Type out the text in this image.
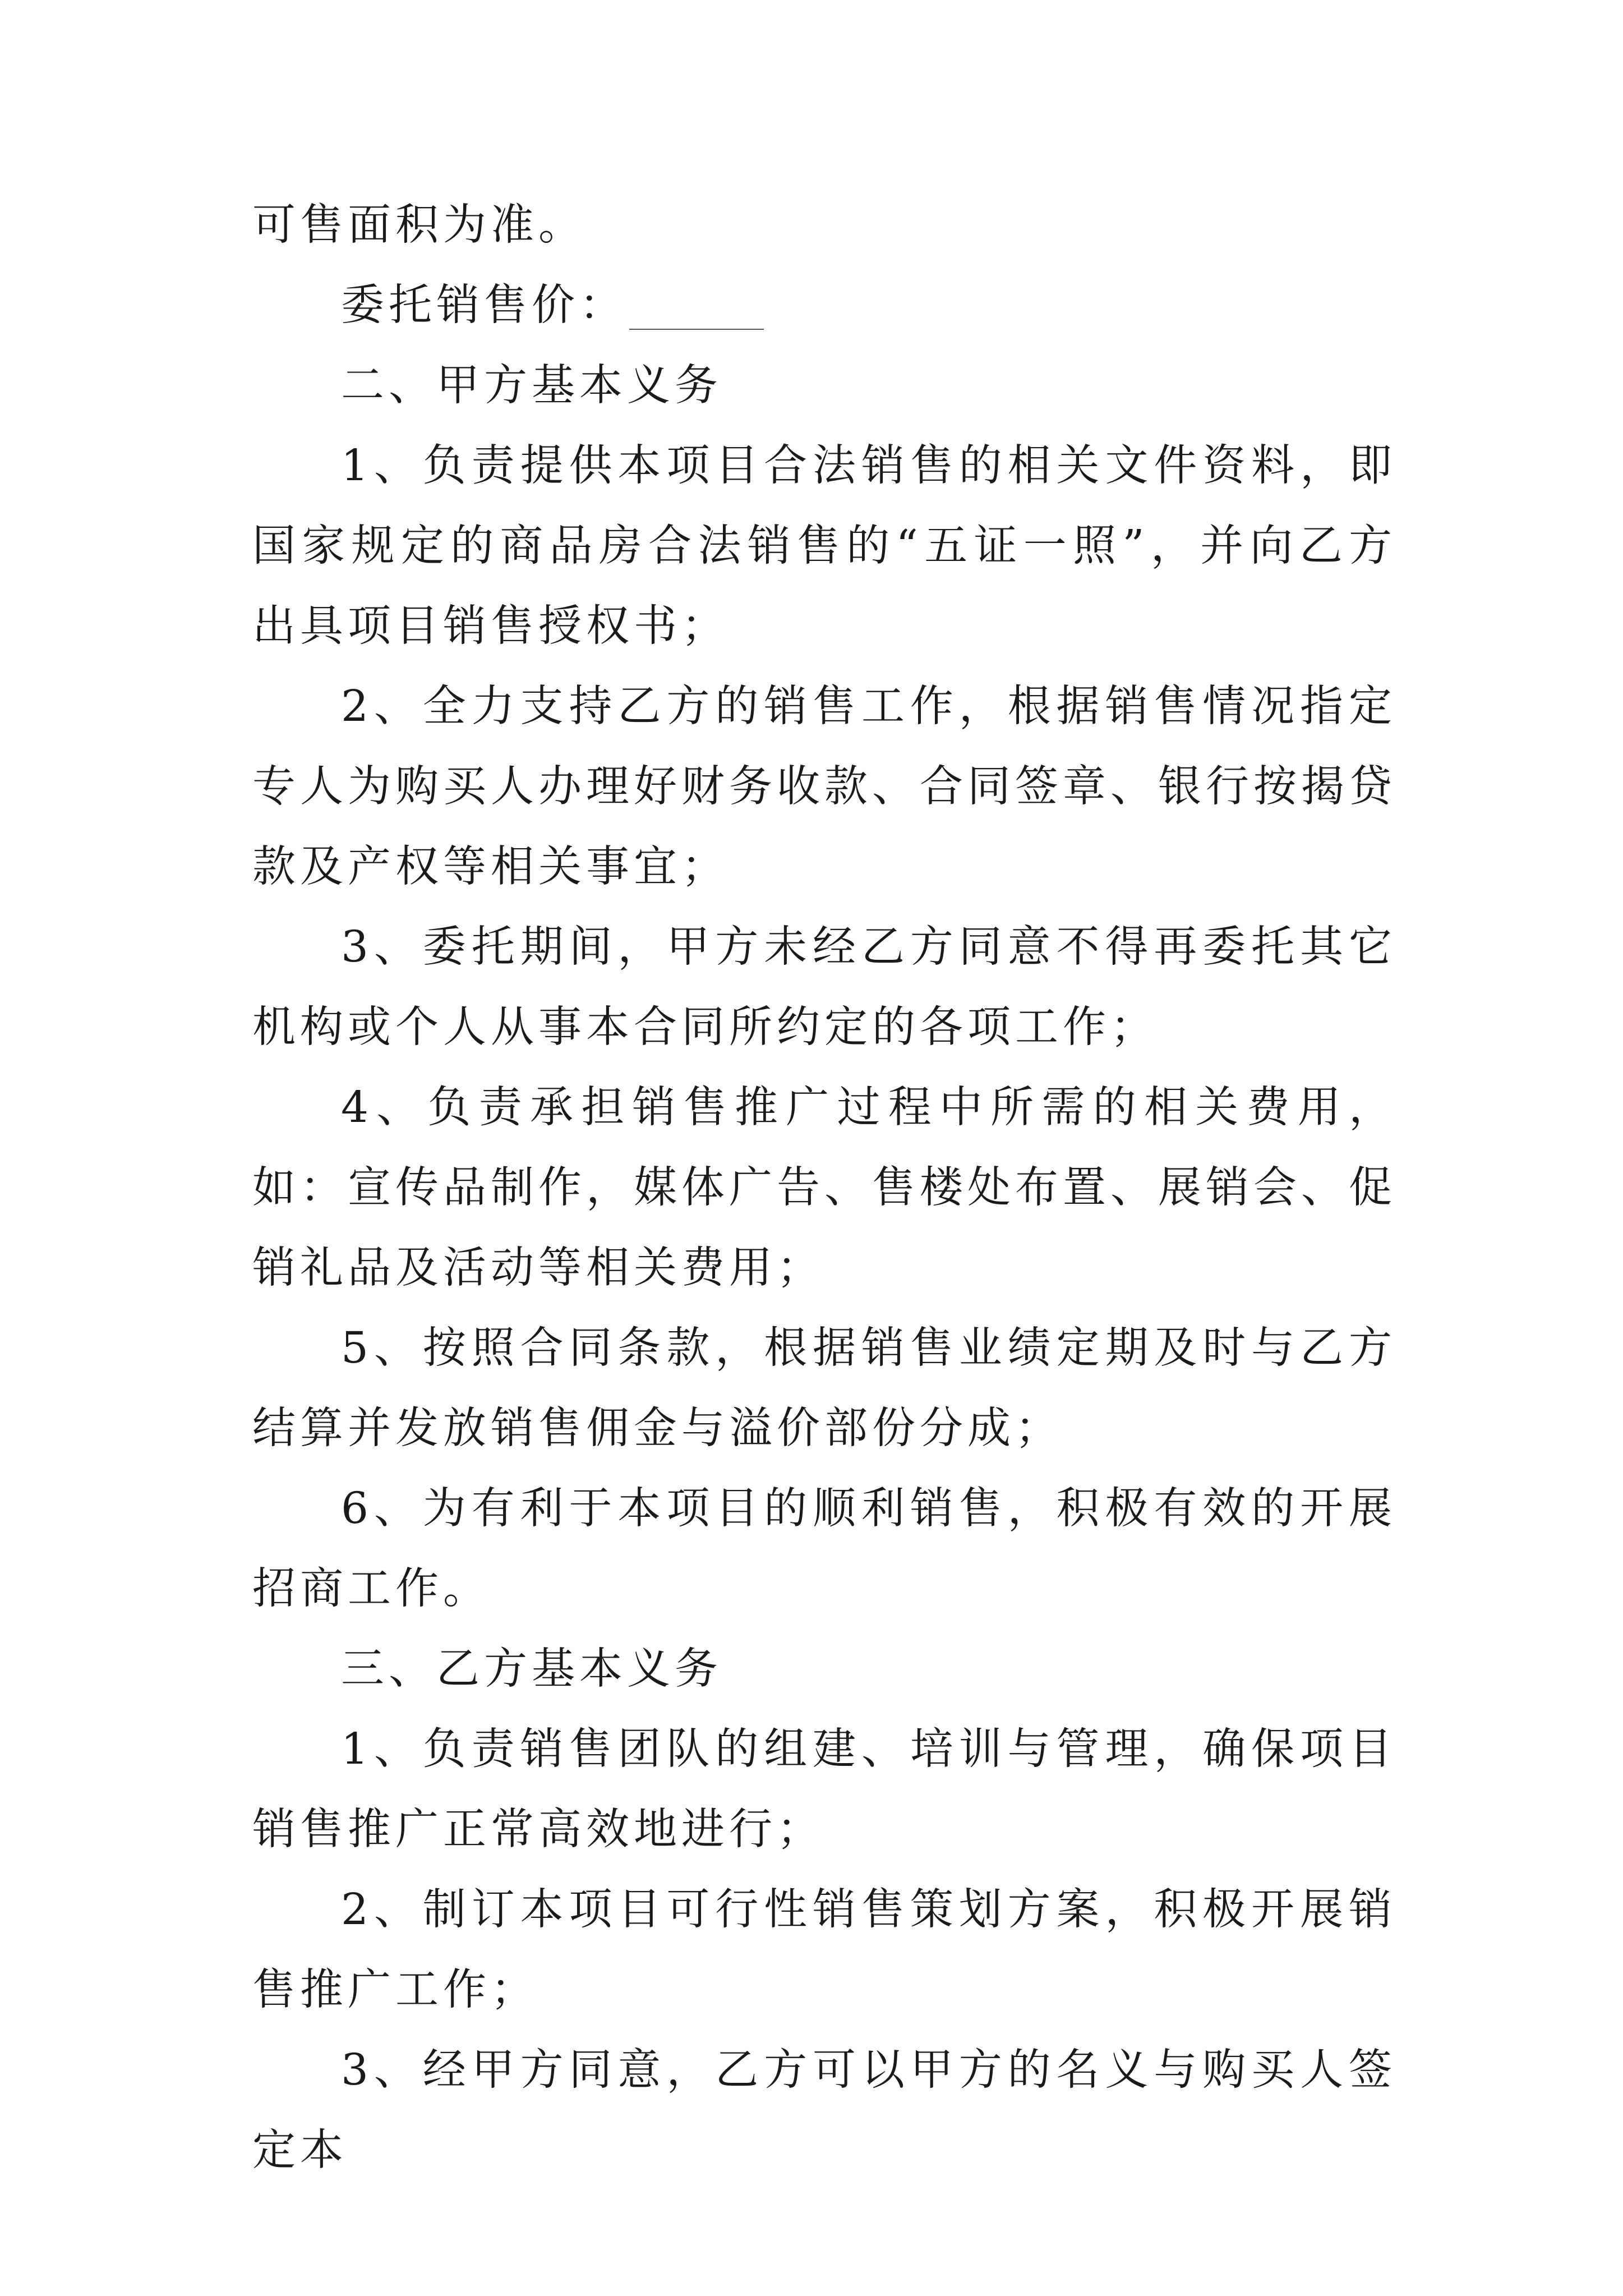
可售面积为准。

委托销售价：

二、甲方基本义务

1、负责提供本项目合法销售的相关文件资料，即国家规定的商品房合法销售的“五证一照”，并向乙方出具项目销售授权书；

2、全力支持乙方的销售工作，根据销售情况指定专人为购买人办理好财务收款、合同签章、银行按揭贷款及产权等相关事宜；

3、委托期间，甲方未经乙方同意不得再委托其它机构或个人从事本合同所约定的各项工作；

4、负责承担销售推广过程中所需的相关费用，如：宣传品制作，媒体广告、售楼处布置、展销会、促销礼品及活动等相关费用；

5、按照合同条款，根据销售业绩定期及时与乙方结算并发放销售佣金与溢价部份分成；

6、为有利于本项目的顺利销售，积极有效的开展招商工作。

三、乙方基本义务

1、负责销售团队的组建、培训与管理，确保项目销售推广正常高效地进行；

2、制订本项目可行性销售策划方案，积极开展销售推广工作；

3、经甲方同意，乙方可以甲方的名义与购买人签定本
